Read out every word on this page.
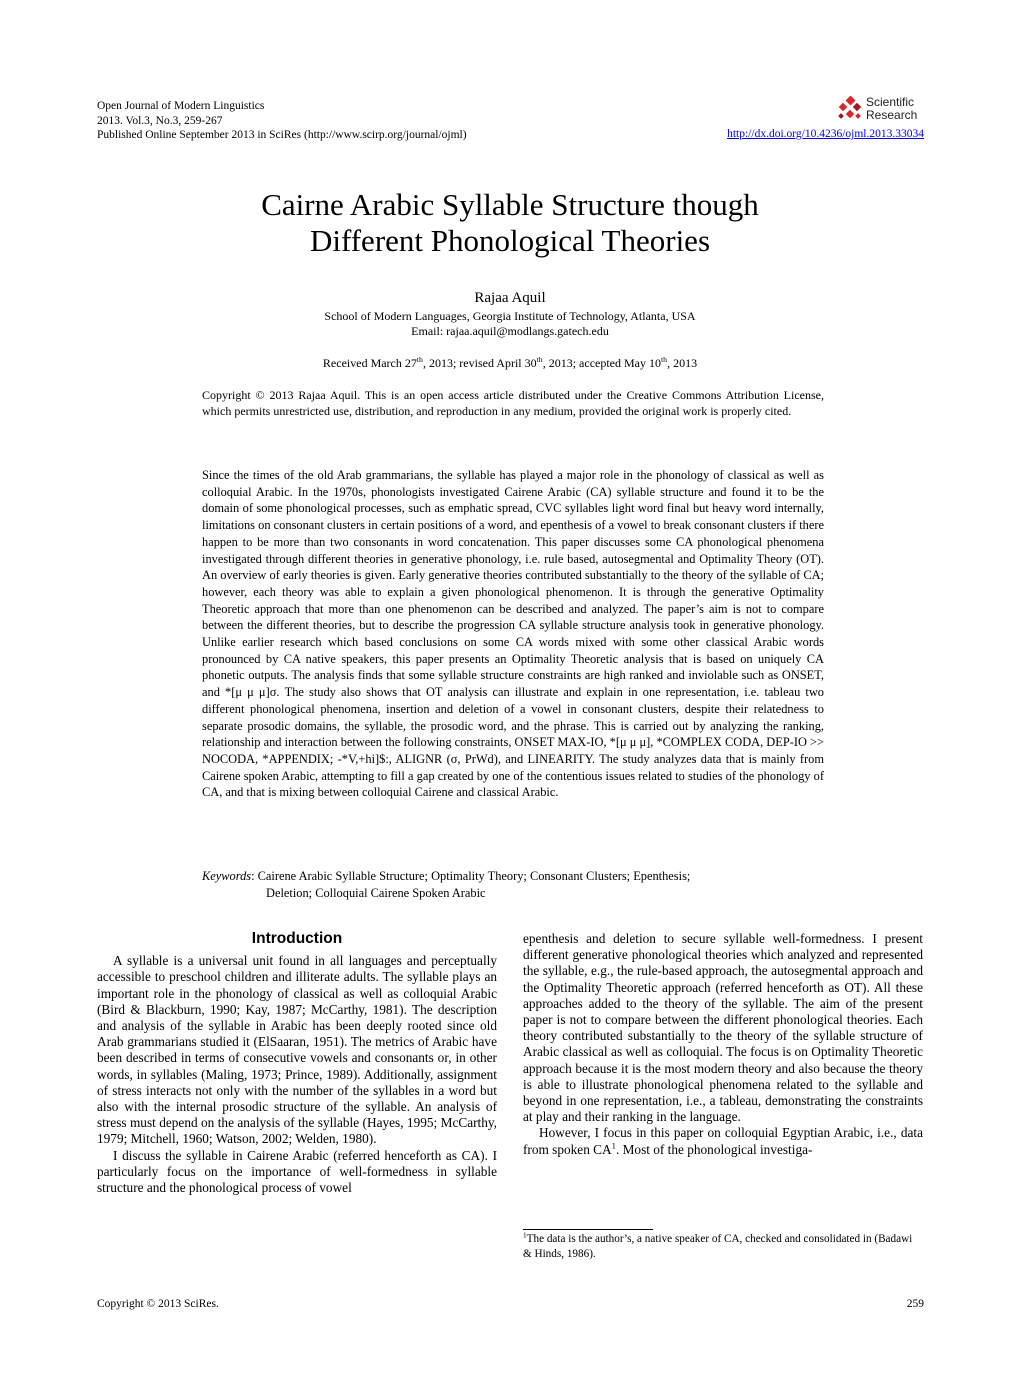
Open Journal of Modern Linguistics
2013. Vol.3, No.3, 259-267
Published Online September 2013 in SciRes (http://www.scirp.org/journal/ojml)
Scientific
Research
http://dx.doi.org/10.4236/ojml.2013.33034
Cairne Arabic Syllable Structure though
Different Phonological Theories
Rajaa Aquil
School of Modern Languages, Georgia Institute of Technology, Atlanta, USA
Email: rajaa.aquil@modlangs.gatech.edu
Received March 27th, 2013; revised April 30th, 2013; accepted May 10th, 2013
Copyright © 2013 Rajaa Aquil. This is an open access article distributed under the Creative Commons Attribution License, which permits unrestricted use, distribution, and reproduction in any medium, provided the original work is properly cited.
Since the times of the old Arab grammarians, the syllable has played a major role in the phonology of classical as well as colloquial Arabic. In the 1970s, phonologists investigated Cairene Arabic (CA) syllable structure and found it to be the domain of some phonological processes, such as emphatic spread, CVC syllables light word final but heavy word internally, limitations on consonant clusters in certain positions of a word, and epenthesis of a vowel to break consonant clusters if there happen to be more than two consonants in word concatenation. This paper discusses some CA phonological phenomena investigated through different theories in generative phonology, i.e. rule based, autosegmental and Optimality Theory (OT). An overview of early theories is given. Early generative theories contributed substantially to the theory of the syllable of CA; however, each theory was able to explain a given phonological phenomenon. It is through the generative Optimality Theoretic approach that more than one phenomenon can be described and analyzed. The paper’s aim is not to compare between the different theories, but to describe the progression CA syllable structure analysis took in generative phonology. Unlike earlier research which based conclusions on some CA words mixed with some other classical Arabic words pronounced by CA native speakers, this paper presents an Optimality Theoretic analysis that is based on uniquely CA phonetic outputs. The analysis finds that some syllable structure constraints are high ranked and inviolable such as ONSET, and *[μ μ μ]σ. The study also shows that OT analysis can illustrate and explain in one representation, i.e. tableau two different phonological phenomena, insertion and deletion of a vowel in consonant clusters, despite their relatedness to separate prosodic domains, the syllable, the prosodic word, and the phrase. This is carried out by analyzing the ranking, relationship and interaction between the following constraints, ONSET MAX-IO, *[μ μ μ], *COMPLEX CODA, DEP-IO >> NOCODA, *APPENDIX; -*V,+hi]$:, ALIGNR (σ, PrWd), and LINEARITY. The study analyzes data that is mainly from Cairene spoken Arabic, attempting to fill a gap created by one of the contentious issues related to studies of the phonology of CA, and that is mixing between colloquial Cairene and classical Arabic.
Keywords: Cairene Arabic Syllable Structure; Optimality Theory; Consonant Clusters; Epenthesis;
Deletion; Colloquial Cairene Spoken Arabic
Introduction

A syllable is a universal unit found in all languages and perceptually accessible to preschool children and illiterate adults. The syllable plays an important role in the phonology of classical as well as colloquial Arabic (Bird & Blackburn, 1990; Kay, 1987; McCarthy, 1981). The description and analysis of the syllable in Arabic has been deeply rooted since old Arab grammarians studied it (ElSaaran, 1951). The metrics of Arabic have been described in terms of consecutive vowels and consonants or, in other words, in syllables (Maling, 1973; Prince, 1989). Additionally, assignment of stress interacts not only with the number of the syllables in a word but also with the internal prosodic structure of the syllable. An analysis of stress must depend on the analysis of the syllable (Hayes, 1995; McCarthy, 1979; Mitchell, 1960; Watson, 2002; Welden, 1980).

I discuss the syllable in Cairene Arabic (referred henceforth as CA). I particularly focus on the importance of well-formedness in syllable structure and the phonological process of vowel

epenthesis and deletion to secure syllable well-formedness. I present different generative phonological theories which analyzed and represented the syllable, e.g., the rule-based approach, the autosegmental approach and the Optimality Theoretic approach (referred henceforth as OT). All these approaches added to the theory of the syllable. The aim of the present paper is not to compare between the different phonological theories. Each theory contributed substantially to the theory of the syllable structure of Arabic classical as well as colloquial. The focus is on Optimality Theoretic approach because it is the most modern theory and also because the theory is able to illustrate phonological phenomena related to the syllable and beyond in one representation, i.e., a tableau, demonstrating the constraints at play and their ranking in the language.

However, I focus in this paper on colloquial Egyptian Arabic, i.e., data from spoken $CA^1$. Most of the phonological investiga-

$^1$The data is the author’s, a native speaker of CA, checked and consolidated in (Badawi & Hinds, 1986).
Copyright © 2013 SciRes.	259
